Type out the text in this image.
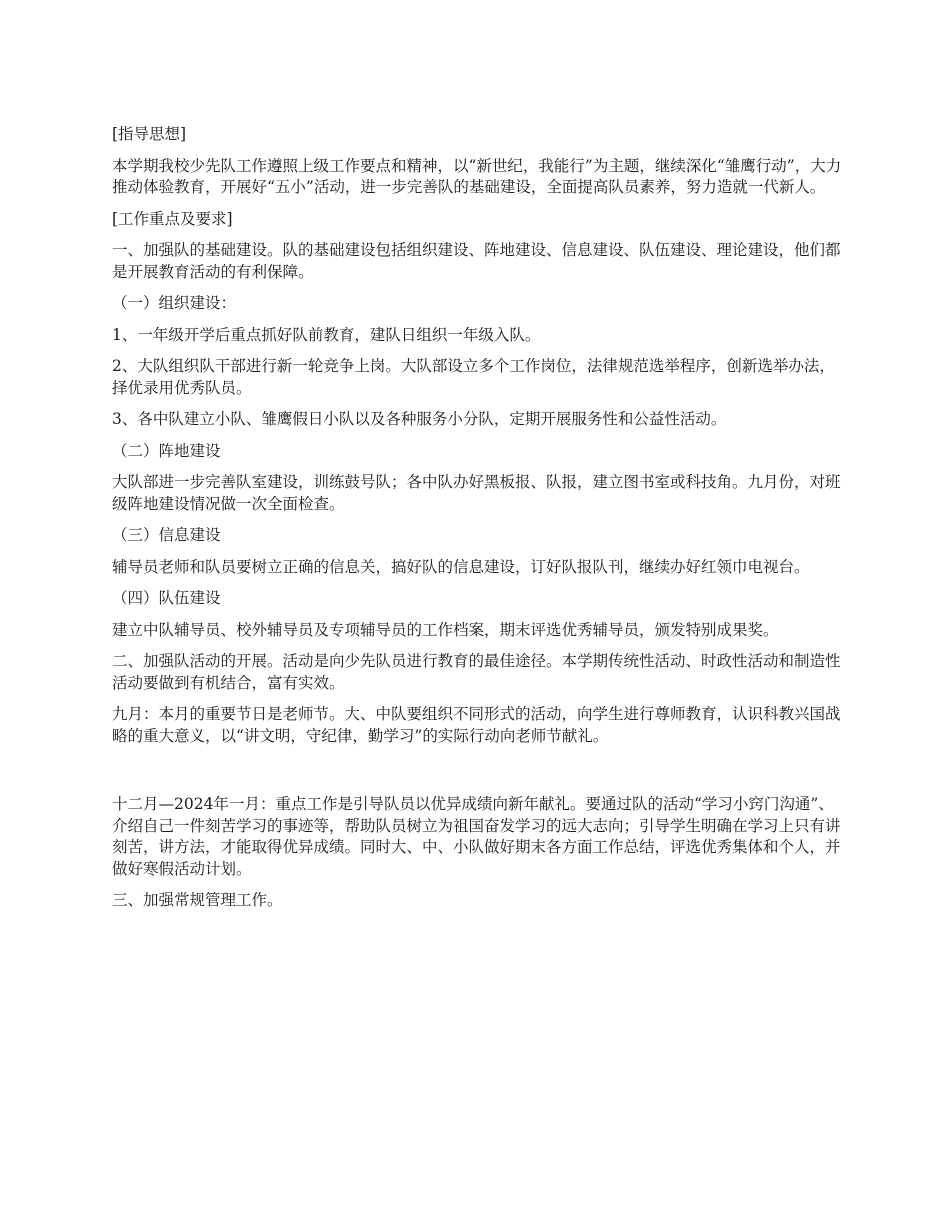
[指导思想]

本学期我校少先队工作遵照上级工作要点和精神，以“新世纪，我能行”为主题，继续深化“雏鹰行动”，大力推动体验教育，开展好“五小”活动，进一步完善队的基础建设，全面提高队员素养，努力造就一代新人。

[工作重点及要求]

一、加强队的基础建设。队的基础建设包括组织建设、阵地建设、信息建设、队伍建设、理论建设，他们都是开展教育活动的有利保障。

（一）组织建设：

1、一年级开学后重点抓好队前教育，建队日组织一年级入队。

2、大队组织队干部进行新一轮竞争上岗。大队部设立多个工作岗位，法律规范选举程序，创新选举办法，择优录用优秀队员。

3、各中队建立小队、雏鹰假日小队以及各种服务小分队，定期开展服务性和公益性活动。

（二）阵地建设

大队部进一步完善队室建设，训练鼓号队；各中队办好黑板报、队报，建立图书室或科技角。九月份，对班级阵地建设情况做一次全面检查。

（三）信息建设

辅导员老师和队员要树立正确的信息关，搞好队的信息建设，订好队报队刊，继续办好红领巾电视台。

（四）队伍建设

建立中队辅导员、校外辅导员及专项辅导员的工作档案，期末评选优秀辅导员，颁发特别成果奖。

二、加强队活动的开展。活动是向少先队员进行教育的最佳途径。本学期传统性活动、时政性活动和制造性活动要做到有机结合，富有实效。

九月：本月的重要节日是老师节。大、中队要组织不同形式的活动，向学生进行尊师教育，认识科教兴国战略的重大意义，以“讲文明，守纪律，勤学习”的实际行动向老师节献礼。

十二月—2024年一月：重点工作是引导队员以优异成绩向新年献礼。要通过队的活动“学习小窍门沟通”、介绍自己一件刻苦学习的事迹等，帮助队员树立为祖国奋发学习的远大志向；引导学生明确在学习上只有讲刻苦，讲方法，才能取得优异成绩。同时大、中、小队做好期末各方面工作总结，评选优秀集体和个人，并做好寒假活动计划。

三、加强常规管理工作。
